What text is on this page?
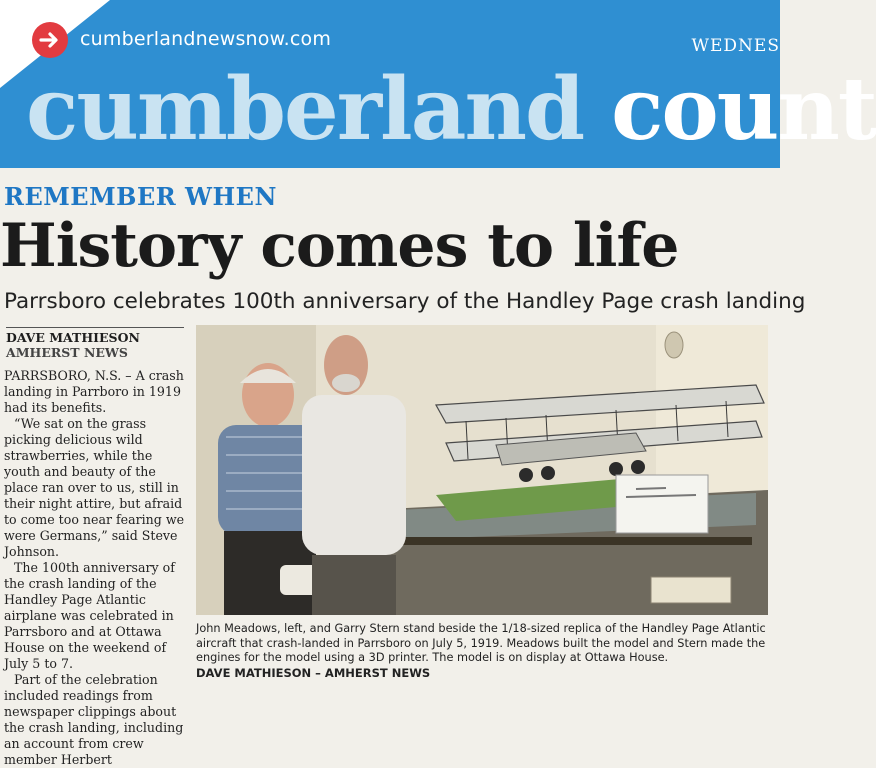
cumberlandnewsnow.com	WEDNES
cumberland count
REMEMBER WHEN
History comes to life
Parrsboro celebrates 100th anniversary of the Handley Page crash landing
DAVE MATHIESON
AMHERST NEWS

PARRSBORO, N.S. – A crash landing in Parrboro in 1919 had its benefits.

“We sat on the grass picking delicious wild strawberries, while the youth and beauty of the place ran over to us, still in their night attire, but afraid to come too near fearing we were Germans,” said Steve Johnson.

The 100th anniversary of the crash landing of the Handley Page Atlantic airplane was celebrated in Parrsboro and at Ottawa House on the weekend of July 5 to 7.

Part of the celebration included readings from newspaper clippings about the crash landing, including an account from crew member Herbert

John Meadows, left, and Garry Stern stand beside the 1/18-sized replica of the Handley Page Atlantic aircraft that crash-landed in Parrsboro on July 5, 1919. Meadows built the model and Stern made the engines for the model using a 3D printer. The model is on display at Ottawa House.
DAVE MATHIESON – AMHERST NEWS
